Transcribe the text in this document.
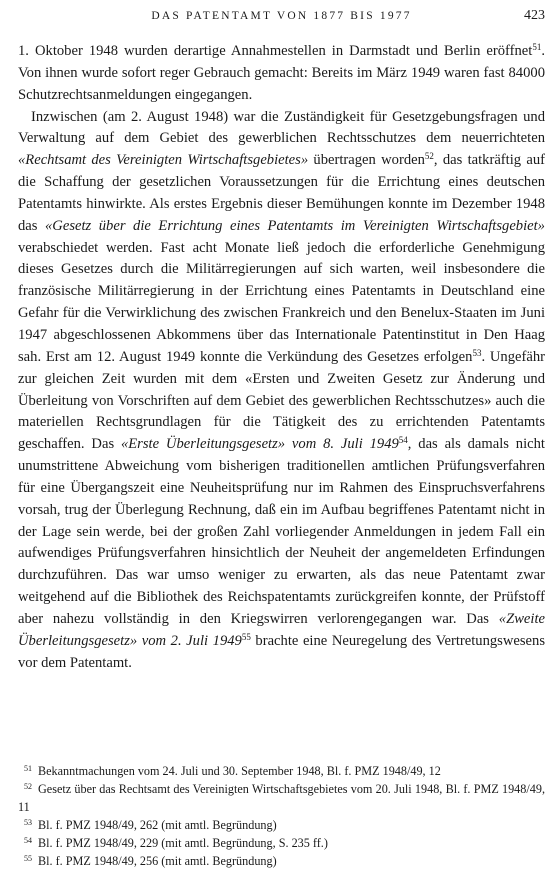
DAS PATENTAMT VON 1877 BIS 1977	423

1. Oktober 1948 wurden derartige Annahmestellen in Darmstadt und Berlin eröffnet$^{51}$. Von ihnen wurde sofort reger Gebrauch gemacht: Bereits im März 1949 waren fast 84000 Schutzrechtsanmeldungen eingegangen.

Inzwischen (am 2. August 1948) war die Zuständigkeit für Gesetzgebungsfragen und Verwaltung auf dem Gebiet des gewerblichen Rechtsschutzes dem neuerrichteten «Rechtsamt des Vereinigten Wirtschaftsgebietes» übertragen worden$^{52}$, das tatkräftig auf die Schaffung der gesetzlichen Voraussetzungen für die Errichtung eines deutschen Patentamts hinwirkte. Als erstes Ergebnis dieser Bemühungen konnte im Dezember 1948 das «Gesetz über die Errichtung eines Patentamts im Vereinigten Wirtschaftsgebiet» verabschiedet werden. Fast acht Monate ließ jedoch die erforderliche Genehmigung dieses Gesetzes durch die Militärregierungen auf sich warten, weil insbesondere die französische Militärregierung in der Errichtung eines Patentamts in Deutschland eine Gefahr für die Verwirklichung des zwischen Frankreich und den Benelux-Staaten im Juni 1947 abgeschlossenen Abkommens über das Internationale Patentinstitut in Den Haag sah. Erst am 12. August 1949 konnte die Verkündung des Gesetzes erfolgen$^{53}$. Ungefähr zur gleichen Zeit wurden mit dem «Ersten und Zweiten Gesetz zur Änderung und Überleitung von Vorschriften auf dem Gebiet des gewerblichen Rechtsschutzes» auch die materiellen Rechtsgrundlagen für die Tätigkeit des zu errichtenden Patentamts geschaffen. Das «Erste Überleitungsgesetz» vom 8. Juli 1949$^{54}$, das als damals nicht unumstrittene Abweichung vom bisherigen traditionellen amtlichen Prüfungsverfahren für eine Übergangszeit eine Neuheitsprüfung nur im Rahmen des Einspruchsverfahrens vorsah, trug der Überlegung Rechnung, daß ein im Aufbau begriffenes Patentamt nicht in der Lage sein werde, bei der großen Zahl vorliegender Anmeldungen in jedem Fall ein aufwendiges Prüfungsverfahren hinsichtlich der Neuheit der angemeldeten Erfindungen durchzuführen. Das war umso weniger zu erwarten, als das neue Patentamt zwar weitgehend auf die Bibliothek des Reichspatentamts zurückgreifen konnte, der Prüfstoff aber nahezu vollständig in den Kriegswirren verlorengegangen war. Das «Zweite Überleitungsgesetz» vom 2. Juli 1949$^{55}$ brachte eine Neuregelung des Vertretungswesens vor dem Patentamt.

$^{51}$ Bekanntmachungen vom 24. Juli und 30. September 1948, Bl. f. PMZ 1948/49, 12
$^{52}$ Gesetz über das Rechtsamt des Vereinigten Wirtschaftsgebietes vom 20. Juli 1948, Bl. f. PMZ 1948/49, 11
$^{53}$ Bl. f. PMZ 1948/49, 262 (mit amtl. Begründung)
$^{54}$ Bl. f. PMZ 1948/49, 229 (mit amtl. Begründung, S. 235 ff.)
$^{55}$ Bl. f. PMZ 1948/49, 256 (mit amtl. Begründung)
